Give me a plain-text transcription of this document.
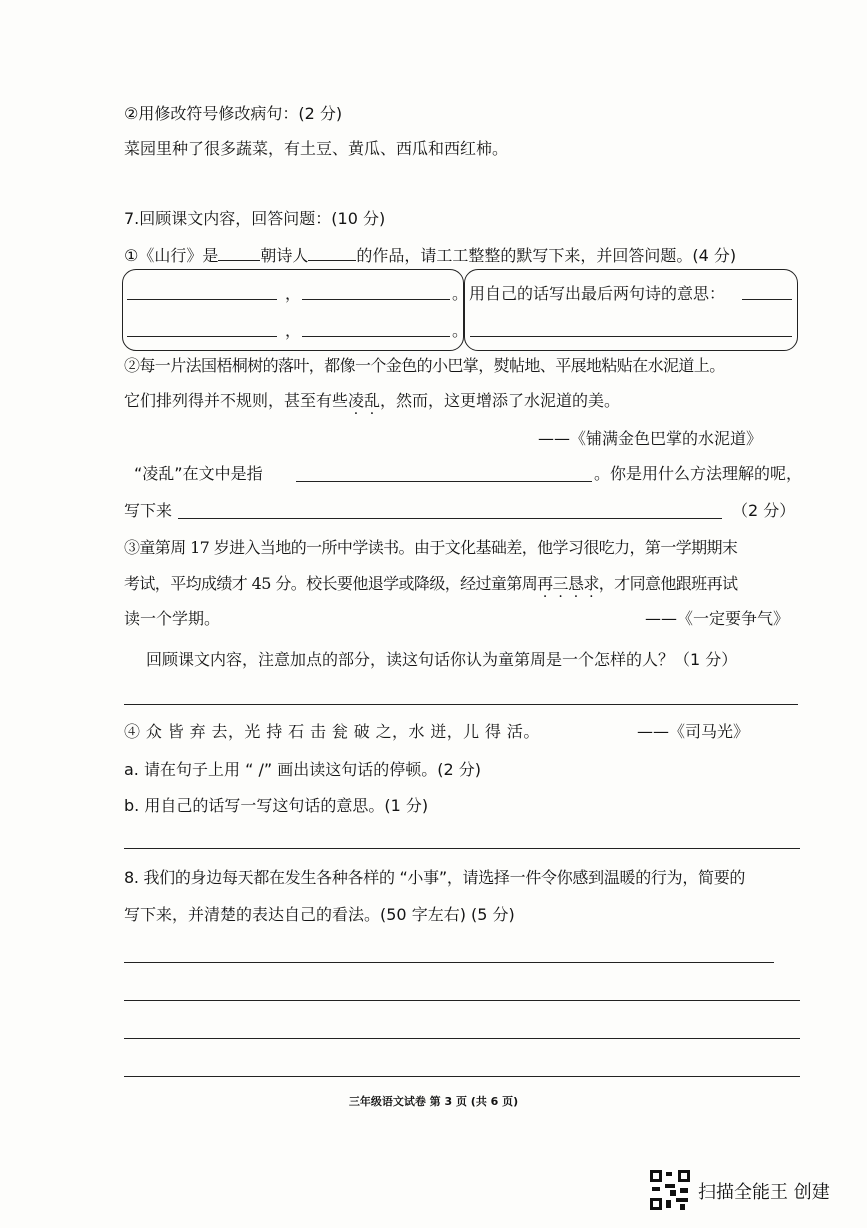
②用修改符号修改病句：(2 分)
菜园里种了很多蔬菜，有土豆、黄瓜、西瓜和西红柿。
7.回顾课文内容，回答问题：(10 分)
①《山行》是	朝诗人	的作品，请工工整整的默写下来，并回答问题。(4 分)
，	。
，	。
用自己的话写出最后两句诗的意思：
②每一片法国梧桐树的落叶，都像一个金色的小巴掌，熨帖地、平展地粘贴在水泥道上。
它们排列得并不规则，甚至有些凌乱，然而，这更增添了水泥道的美。
——《铺满金色巴掌的水泥道》
“凌乱”在文中是指	。你是用什么方法理解的呢，
写下来	（2 分）
③童第周 17 岁进入当地的一所中学读书。由于文化基础差，他学习很吃力，第一学期期末
考试，平均成绩才 45 分。校长要他退学或降级，经过童第周再三恳求，才同意他跟班再试
读一个学期。	——《一定要争气》
回顾课文内容，注意加点的部分，读这句话你认为童第周是一个怎样的人？（1 分）
④ 众 皆 弃 去，光 持 石 击 瓮 破 之，水 迸，儿 得 活。	——《司马光》
a. 请在句子上用 “ /” 画出读这句话的停顿。(2 分)
b. 用自己的话写一写这句话的意思。(1 分)
8. 我们的身边每天都在发生各种各样的 “小事”，请选择一件令你感到温暖的行为，简要的
写下来，并清楚的表达自己的看法。(50 字左右) (5 分)
三年级语文试卷 第 3 页 (共 6 页)
扫描全能王 创建
